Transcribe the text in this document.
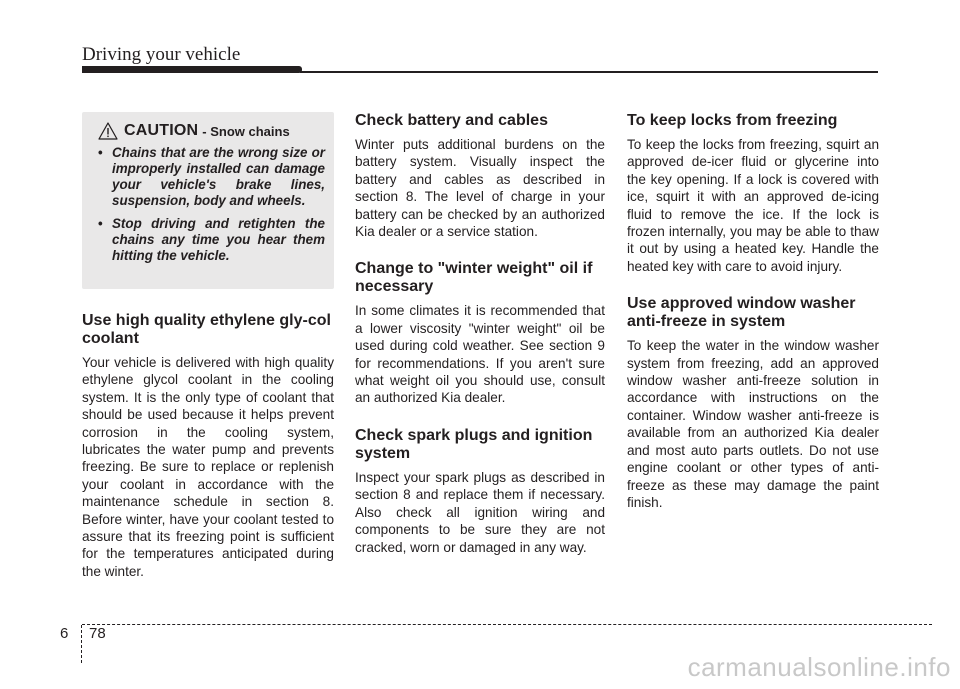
Driving your vehicle
CAUTION - Snow chains
• Chains that are the wrong size or improperly installed can damage your vehicle's brake lines, suspension, body and wheels.
• Stop driving and retighten the chains any time you hear them hitting the vehicle.
Use high quality ethylene gly-col coolant

Your vehicle is delivered with high quality ethylene glycol coolant in the cooling system. It is the only type of coolant that should be used because it helps prevent corrosion in the cooling system, lubricates the water pump and prevents freezing. Be sure to replace or replenish your coolant in accordance with the maintenance schedule in section 8. Before winter, have your coolant tested to assure that its freezing point is sufficient for the temperatures anticipated during the winter.

Check battery and cables

Winter puts additional burdens on the battery system. Visually inspect the battery and cables as described in section 8. The level of charge in your battery can be checked by an authorized Kia dealer or a service station.

Change to "winter weight" oil if necessary

In some climates it is recommended that a lower viscosity "winter weight" oil be used during cold weather. See section 9 for recommendations. If you aren't sure what weight oil you should use, consult an authorized Kia dealer.

Check spark plugs and ignition system

Inspect your spark plugs as described in section 8 and replace them if necessary. Also check all ignition wiring and components to be sure they are not cracked, worn or damaged in any way.

To keep locks from freezing

To keep the locks from freezing, squirt an approved de-icer fluid or glycerine into the key opening. If a lock is covered with ice, squirt it with an approved de-icing fluid to remove the ice. If the lock is frozen internally, you may be able to thaw it out by using a heated key. Handle the heated key with care to avoid injury.

Use approved window washer anti-freeze in system

To keep the water in the window washer system from freezing, add an approved window washer anti-freeze solution in accordance with instructions on the container. Window washer anti-freeze is available from an authorized Kia dealer and most auto parts outlets. Do not use engine coolant or other types of anti-freeze as these may damage the paint finish.

6 78
carmanualsonline.info
